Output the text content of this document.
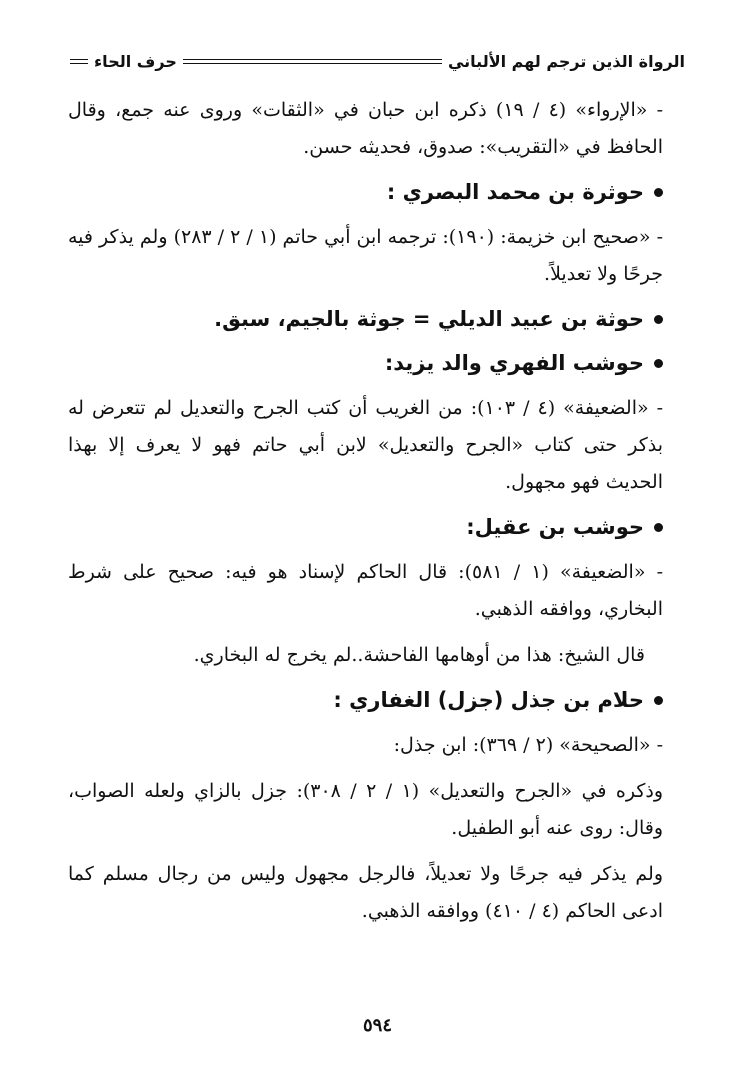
الرواة الذين ترجم لهم الألباني
حرف الحاء

- «الإرواء» (٤ / ١٩) ذكره ابن حبان في «الثقات» وروى عنه جمع، وقال الحافظ في «التقريب»: صدوق، فحديثه حسن.

حوثرة بن محمد البصري :

- «صحيح ابن خزيمة: (١٩٠): ترجمه ابن أبي حاتم (١ / ٢ / ٢٨٣) ولم يذكر فيه جرحًا ولا تعديلاً.

حوثة بن عبيد الديلي = جوثة بالجيم، سبق.
حوشب الفهري والد يزيد:

- «الضعيفة» (٤ / ١٠٣): من الغريب أن كتب الجرح والتعديل لم تتعرض له بذكر حتى كتاب «الجرح والتعديل» لابن أبي حاتم فهو لا يعرف إلا بهذا الحديث فهو مجهول.

حوشب بن عقيل:

- «الضعيفة» (١ / ٥٨١): قال الحاكم لإسناد هو فيه: صحيح على شرط البخاري، ووافقه الذهبي.

قال الشيخ: هذا من أوهامها الفاحشة..لم يخرج له البخاري.

حلام بن جذل (جزل) الغفاري :

- «الصحيحة» (٢ / ٣٦٩): ابن جذل:

وذكره في «الجرح والتعديل» (١ / ٢ / ٣٠٨): جزل بالزاي ولعله الصواب، وقال: روى عنه أبو الطفيل.

ولم يذكر فيه جرحًا ولا تعديلاً، فالرجل مجهول وليس من رجال مسلم كما ادعى الحاكم (٤ / ٤١٠) ووافقه الذهبي.

٥٩٤
